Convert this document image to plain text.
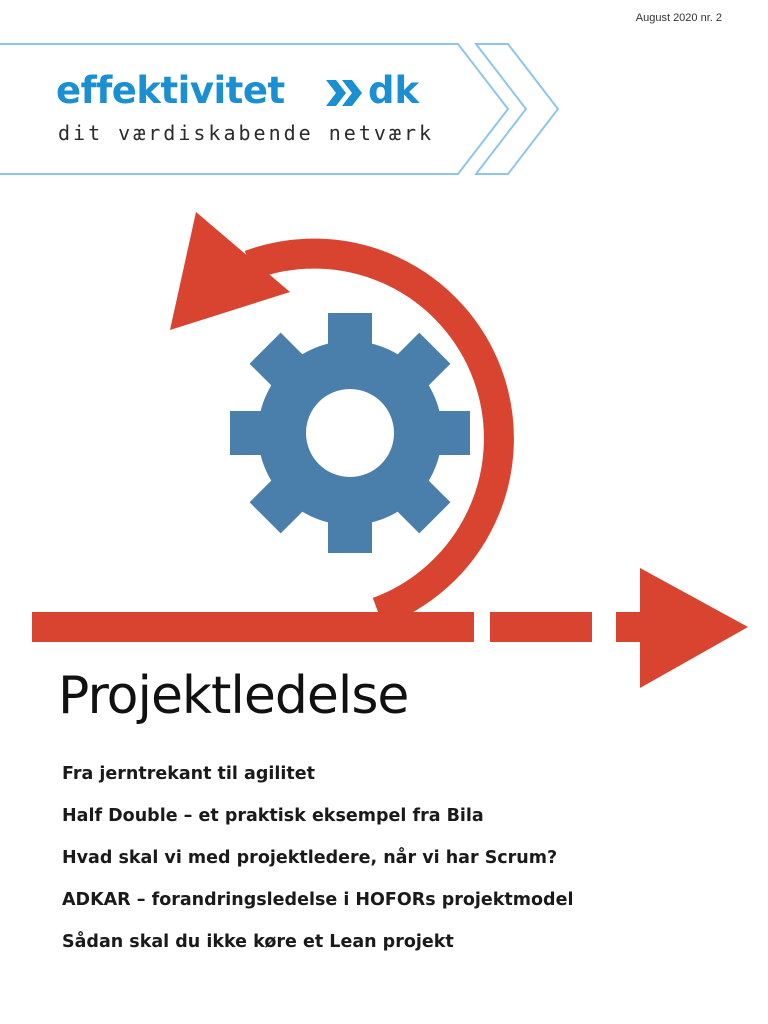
August 2020 nr. 2
effektivitet dk
dit værdiskabende netværk
Projektledelse
Fra jerntrekant til agilitet
Half Double – et praktisk eksempel fra Bila
Hvad skal vi med projektledere, når vi har Scrum?
ADKAR – forandringsledelse i HOFORs projektmodel
Sådan skal du ikke køre et Lean projekt
